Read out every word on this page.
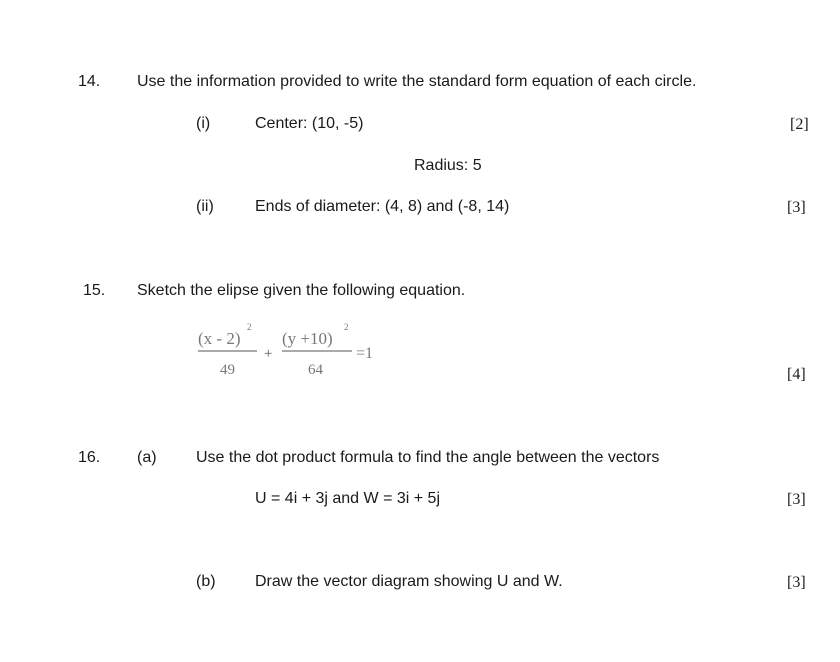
14. Use the information provided to write the standard form equation of each circle.
(i)	Center: (10, -5)	[2]
Radius: 5
(ii)	Ends of diameter: (4, 8) and (-8, 14)	[3]
15. Sketch the elipse given the following equation.
(x - 2)
2
49
+
(y +10)
2
64
=1
[4]
16. (a) Use the dot product formula to find the angle between the vectors
U = 4i + 3j and W = 3i + 5j	[3]
(b) Draw the vector diagram showing U and W.	[3]
